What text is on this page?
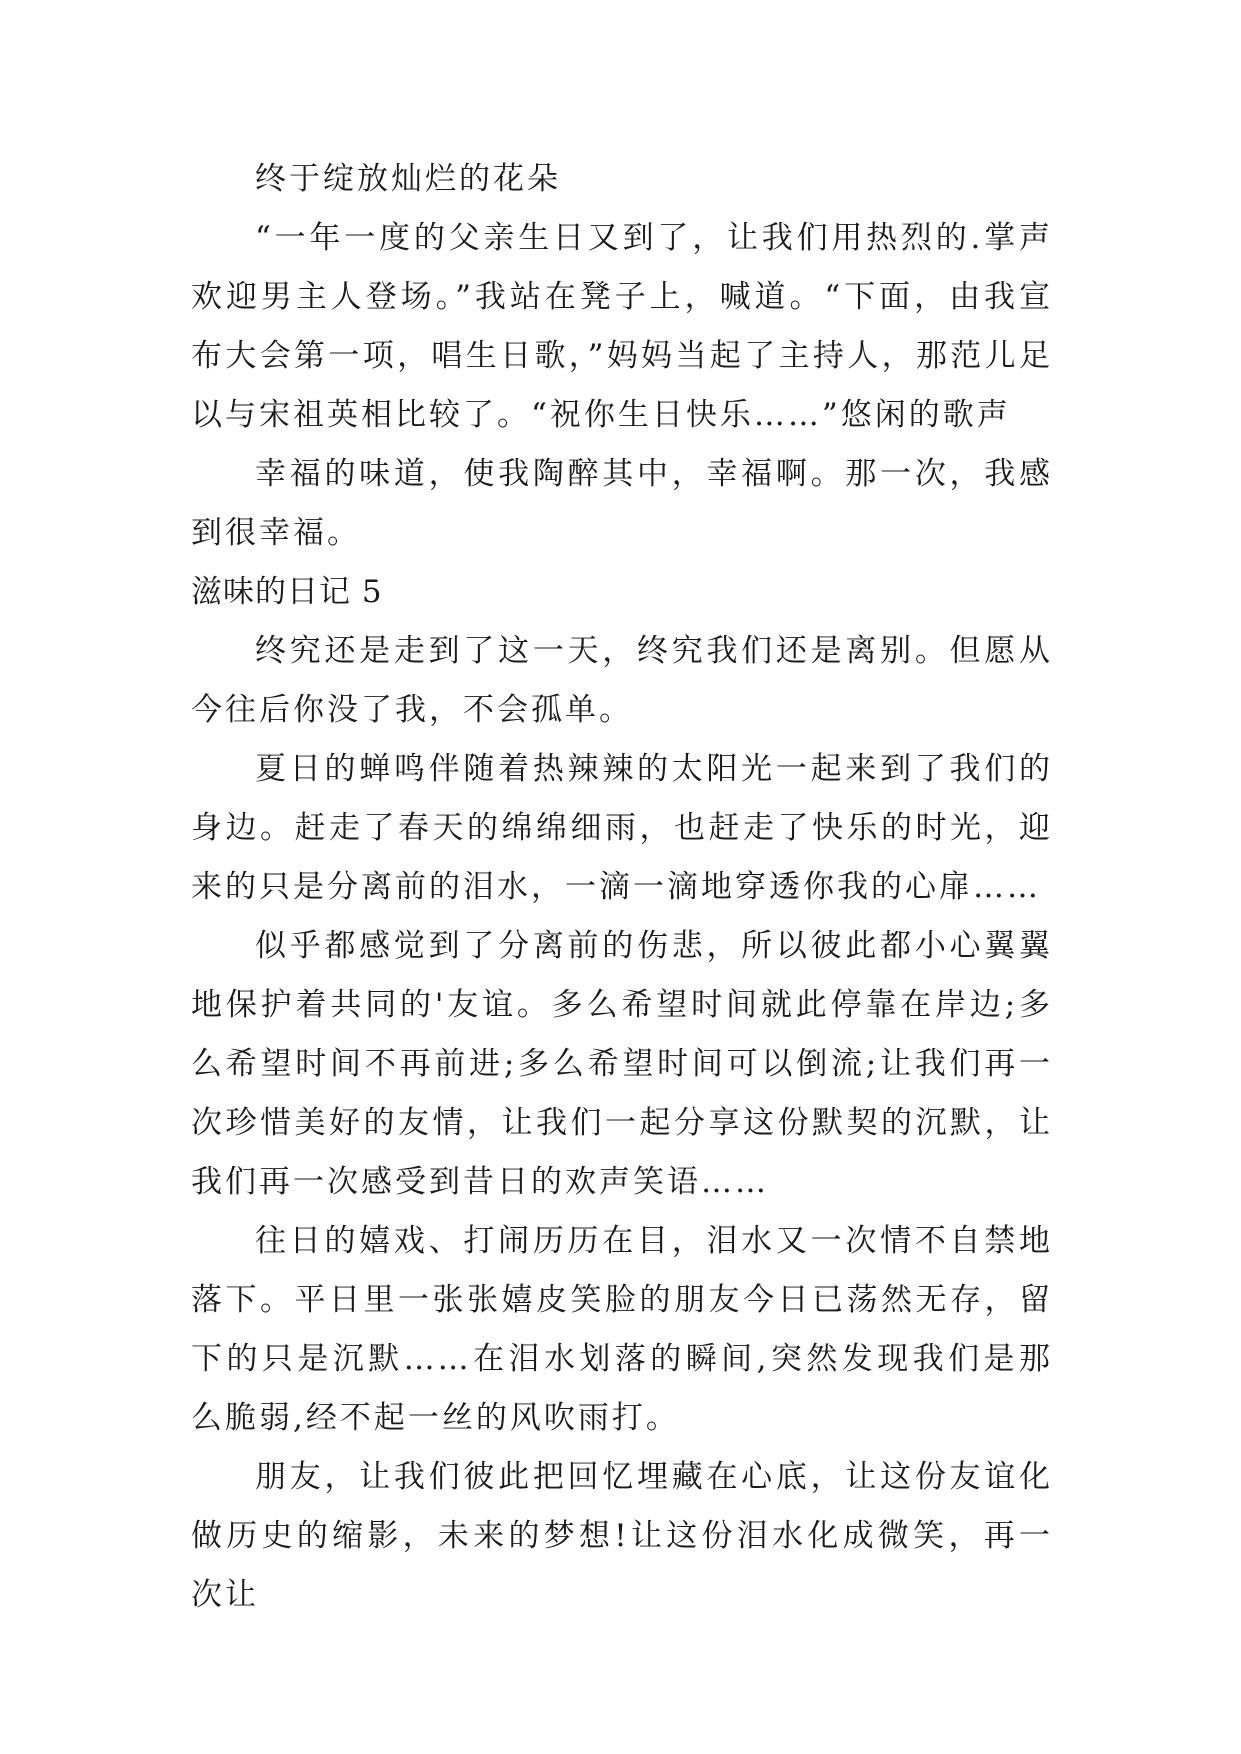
终于绽放灿烂的花朵

“一年一度的父亲生日又到了，让我们用热烈的.掌声欢迎男主人登场。”我站在凳子上，喊道。“下面，由我宣布大会第一项，唱生日歌，”妈妈当起了主持人，那范儿足以与宋祖英相比较了。“祝你生日快乐……”悠闲的歌声

幸福的味道，使我陶醉其中，幸福啊。那一次，我感到很幸福。

滋味的日记 5

终究还是走到了这一天，终究我们还是离别。但愿从今往后你没了我，不会孤单。

夏日的蝉鸣伴随着热辣辣的太阳光一起来到了我们的身边。赶走了春天的绵绵细雨，也赶走了快乐的时光，迎来的只是分离前的泪水，一滴一滴地穿透你我的心扉……

似乎都感觉到了分离前的伤悲，所以彼此都小心翼翼地保护着共同的'友谊。多么希望时间就此停靠在岸边;多么希望时间不再前进;多么希望时间可以倒流;让我们再一次珍惜美好的友情，让我们一起分享这份默契的沉默，让我们再一次感受到昔日的欢声笑语……

往日的嬉戏、打闹历历在目，泪水又一次情不自禁地落下。平日里一张张嬉皮笑脸的朋友今日已荡然无存，留下的只是沉默……在泪水划落的瞬间,突然发现我们是那么脆弱,经不起一丝的风吹雨打。

朋友，让我们彼此把回忆埋藏在心底，让这份友谊化做历史的缩影，未来的梦想!让这份泪水化成微笑，再一次让
